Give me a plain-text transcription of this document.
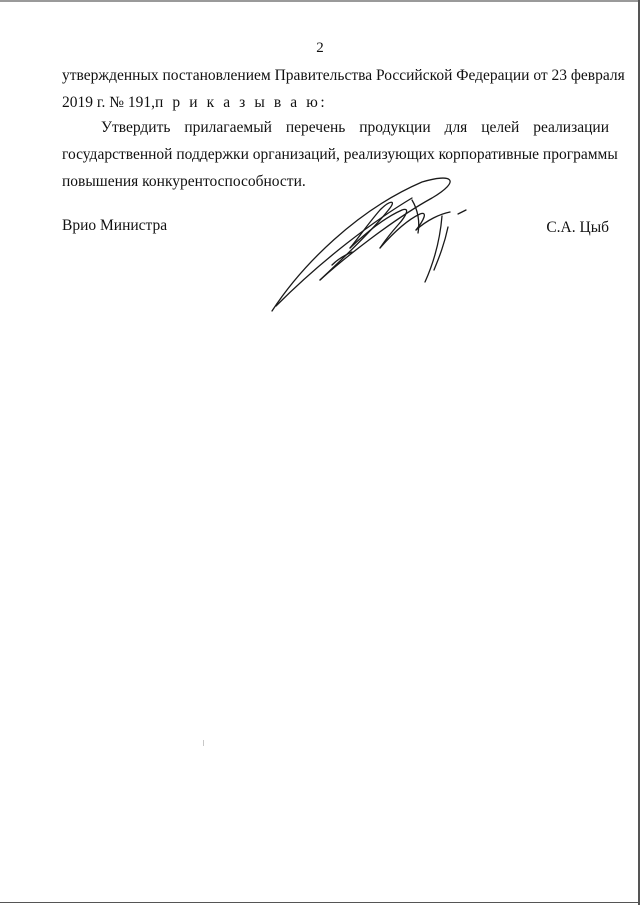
2
утвержденных постановлением Правительства Российской Федерации от 23 февраля
2019 г. № 191,п р и к а з ы в а ю:
Утвердить прилагаемый перечень продукции для целей реализации
государственной поддержки организаций, реализующих корпоративные программы
повышения конкурентоспособности.
Врио Министра	С.А. Цыб
